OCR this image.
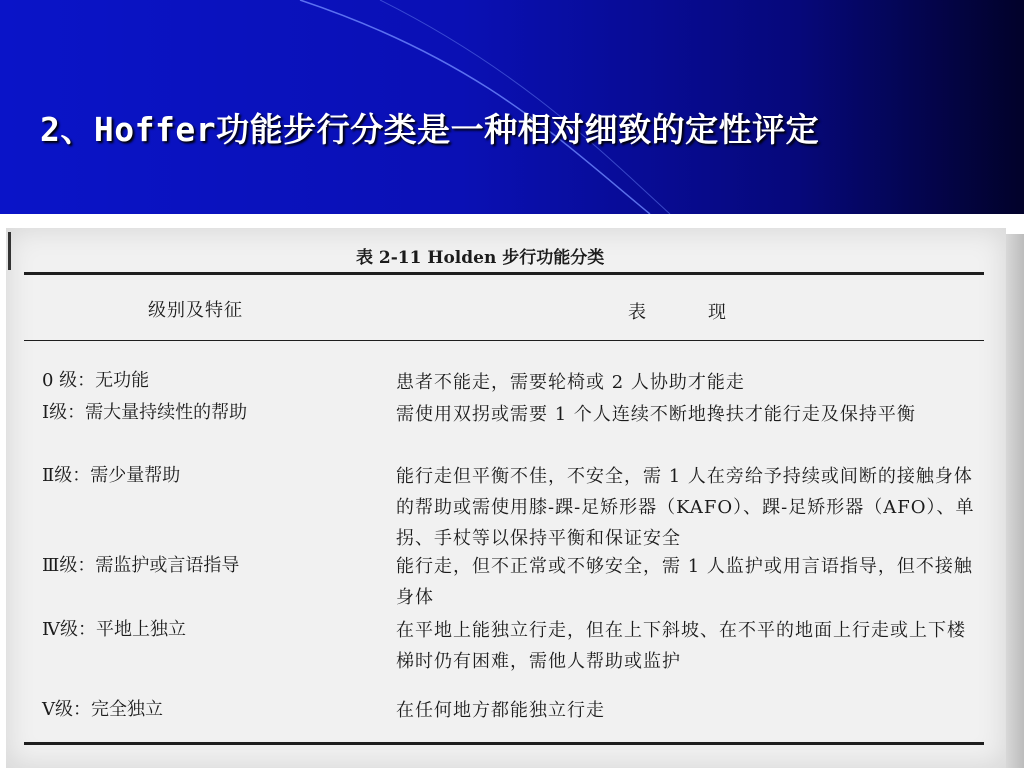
2、Hoffer功能步行分类是一种相对细致的定性评定
表 2-11 Holden 步行功能分类
级别及特征	表现
0 级：无功能	患者不能走，需要轮椅或 2 人协助才能走
Ⅰ级：需大量持续性的帮助	需使用双拐或需要 1 个人连续不断地搀扶才能行走及保持平衡
Ⅱ级：需少量帮助	能行走但平衡不佳，不安全，需 1 人在旁给予持续或间断的接触身体的帮助或需使用膝-踝-足矫形器（KAFO）、踝-足矫形器（AFO）、单拐、手杖等以保持平衡和保证安全
Ⅲ级：需监护或言语指导	能行走，但不正常或不够安全，需 1 人监护或用言语指导，但不接触身体
Ⅳ级：平地上独立	在平地上能独立行走，但在上下斜坡、在不平的地面上行走或上下楼梯时仍有困难，需他人帮助或监护
Ⅴ级：完全独立	在任何地方都能独立行走
